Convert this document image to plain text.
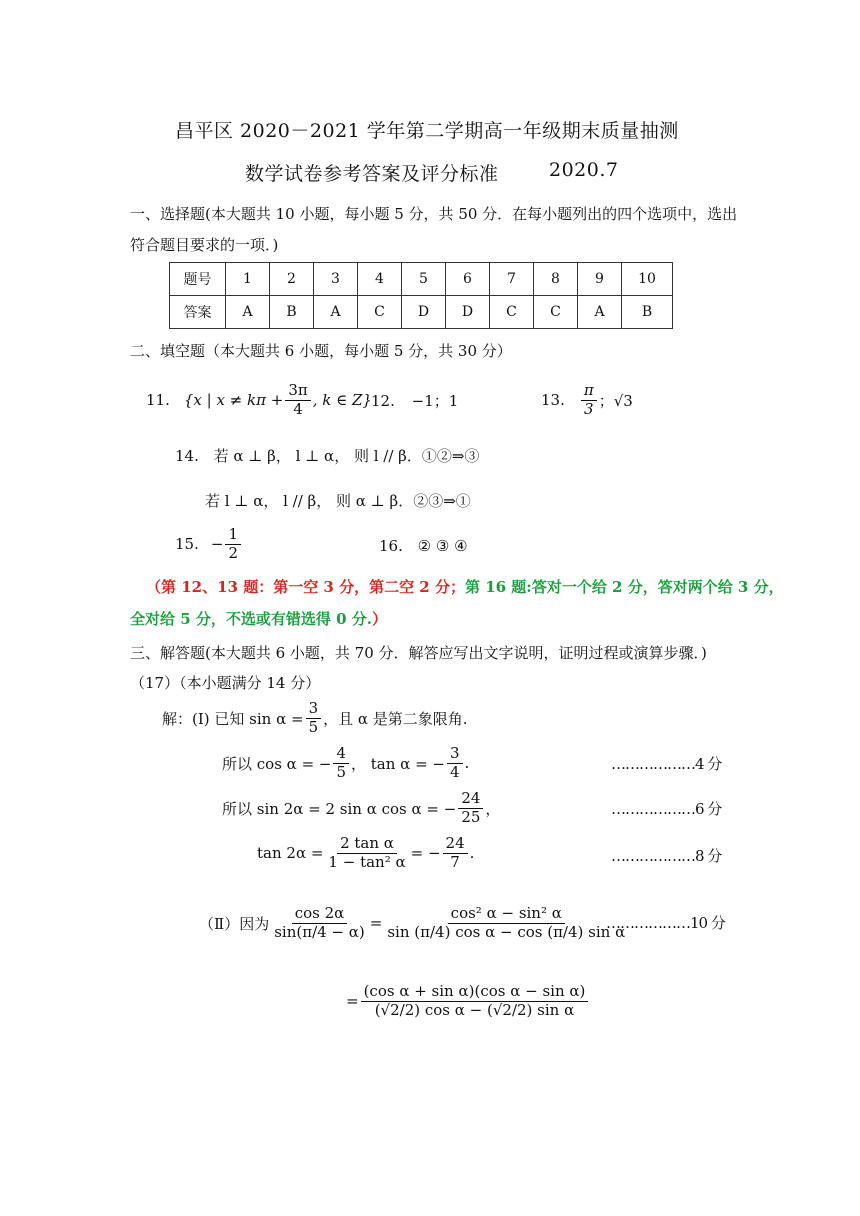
昌平区 2020－2021 学年第二学期高一年级期末质量抽测
数学试卷参考答案及评分标准	2020.7
一、选择题(本大题共 10 小题，每小题 5 分，共 50 分．在每小题列出的四个选项中，选出
符合题目要求的一项．)
题号	1	2	3	4	5	6	7	8	9	10
答案	A	B	A	C	D	D	C	C	A	B
二、填空题（本大题共 6 小题，每小题 5 分，共 30 分）
11. {x | $x \ne k\pi + \frac{3\pi}{4}$ , k ∈ Z} 12. −1；1	13. $\frac{\pi}{3}$ ；√3
14. 若 α ⊥ β， l ⊥ α， 则 l // β．①②⇒③
若 l ⊥ α， l // β， 则 α ⊥ β．②③⇒①
15. − $\frac{1}{2}$	16. ② ③ ④
（第 12、13 题：第一空 3 分，第二空 2 分；第 16 题:答对一个给 2 分，答对两个给 3 分，
全对给 5 分，不选或有错选得 0 分.）
三、解答题(本大题共 6 小题，共 70 分．解答应写出文字说明，证明过程或演算步骤．)
（17）（本小题满分 14 分）
解：(Ⅰ) 已知 $\sin \alpha = \frac{3}{5}$ ，且 α 是第二象限角.
所以 cos α = − $\frac{4}{5}$ ， tan α = − $\frac{3}{4}$ .	………………4 分
所以 sin 2α = 2 sin α cos α = − $\frac{24}{25}$ ，	………………6 分
$\tan 2\alpha = \frac{\text{2 tan α}}{\text{1 − tan² α}}$ = − $\frac{24}{7}$ .	………………8 分
（Ⅱ）因为 $\frac{\cos 2\alpha}{\sin(\pi/4 - \alpha)} = \frac{\text{cos² α − sin² α}}{\text{sin (π/4) cos α − cos (π/4) sin α}}$
………………10 分
= $\frac{\text{(cos α + sin α)(cos α − sin α)}}{\text{(√2/2) cos α − (√2/2) sin α}}$
